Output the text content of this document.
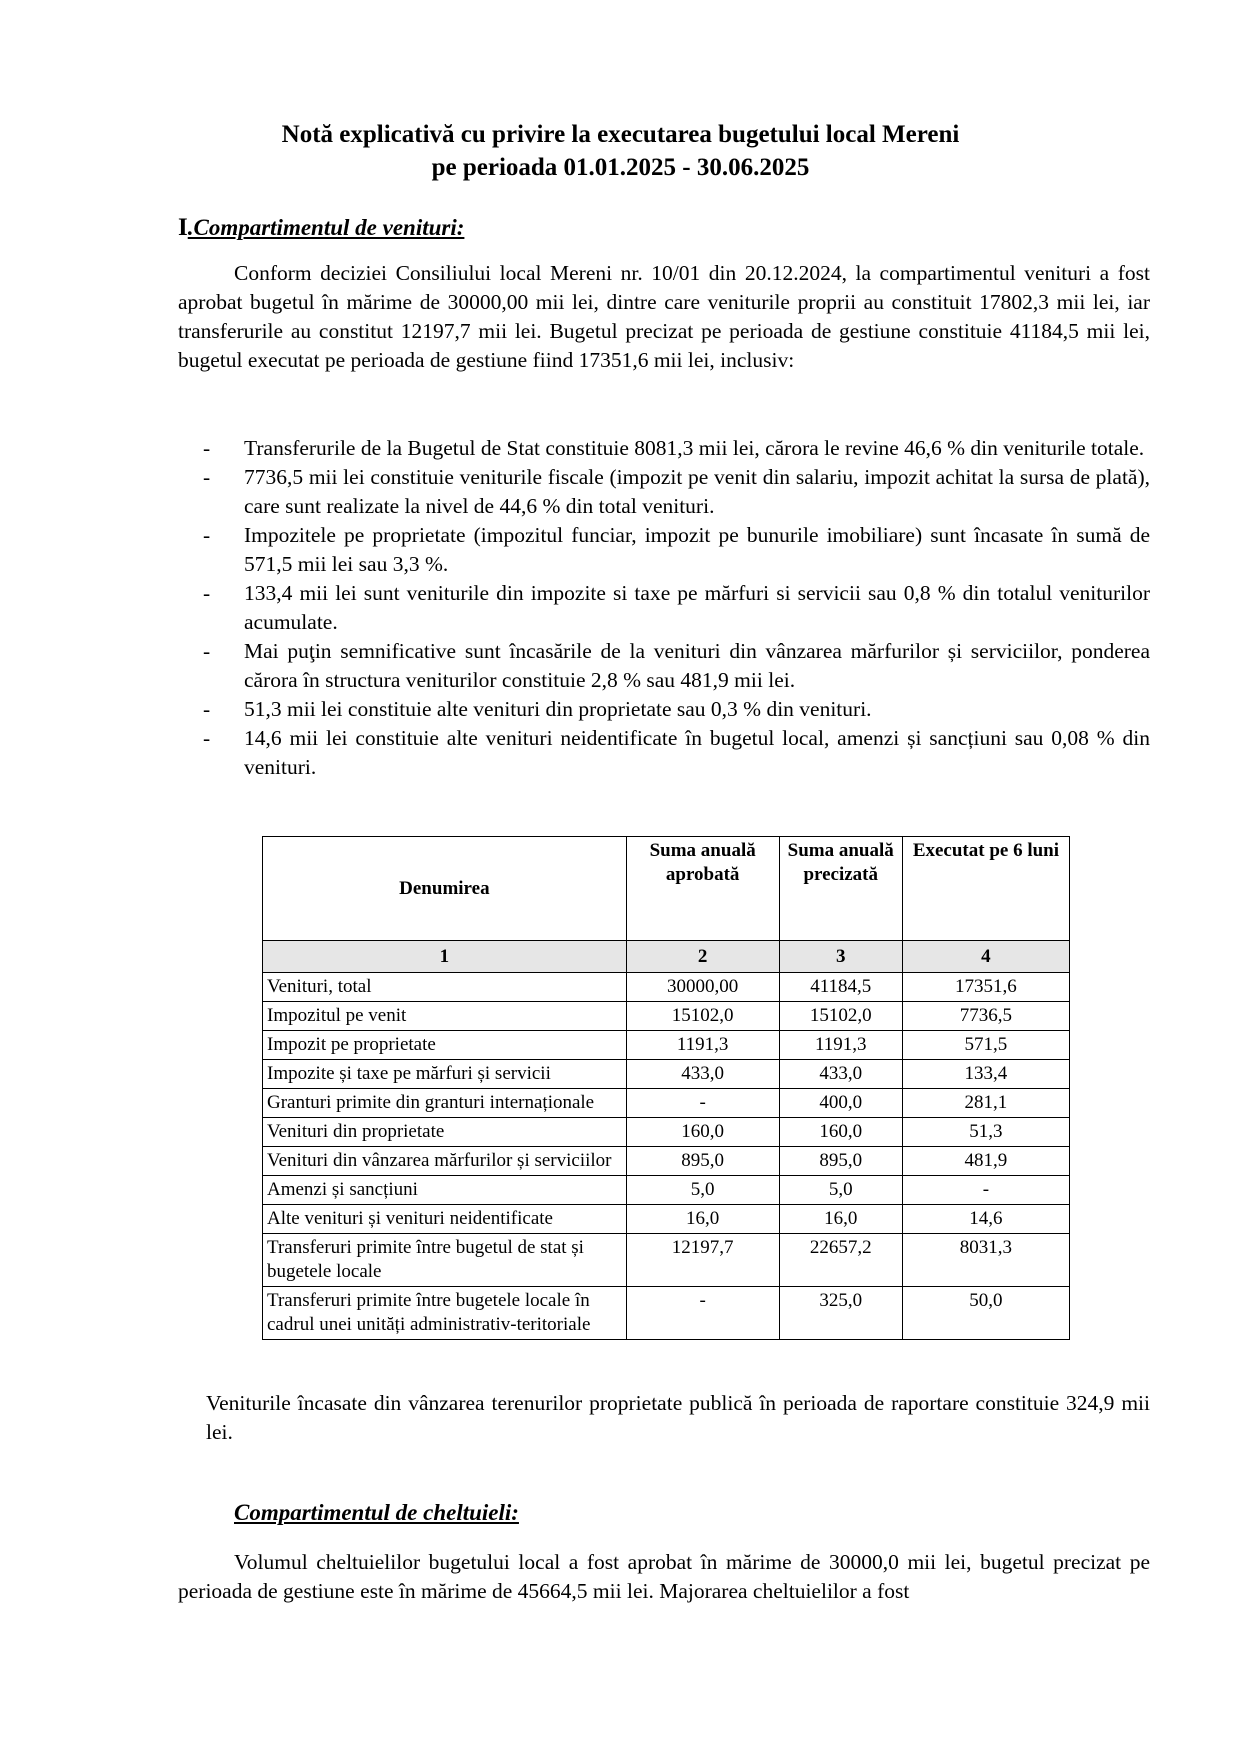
Notă explicativă cu privire la executarea bugetului local Mereni
pe perioada 01.01.2025 - 30.06.2025
I.Compartimentul de venituri:
Conform deciziei Consiliului local Mereni nr. 10/01 din 20.12.2024, la compartimentul veniturі a fost aprobat bugetul în mărime de 30000,00 mii lei, dintre care veniturile proprii au constituit 17802,3 mii lei, iar transferurile au constitut 12197,7 mii lei. Bugetul precizat pe perioada de gestiune constituie 41184,5 mii lei, bugetul executat pe perioada de gestiune fiind 17351,6 mii lei, inclusiv:
- Transferurile de la Bugetul de Stat constituie 8081,3 mii lei, cărora le revine 46,6 % din veniturile totale.
- 7736,5 mii lei constituie veniturile fiscale (impozit pe venit din salariu, impozit achitat la sursa de plată), care sunt realizate la nivel de 44,6 % din total venituri.
- Impozitele pe proprietate (impozitul funciar, impozit pe bunurile imobiliare) sunt încasate în sumă de 571,5 mii lei sau 3,3 %.
- 133,4 mii lei sunt veniturile din impozite si taxe pe mărfuri si servicii sau 0,8 % din totalul veniturilor acumulate.
- Mai puţin semnificative sunt încasările de la venituri din vânzarea mărfurilor și serviciilor, ponderea cărora în structura veniturilor constituie 2,8 % sau 481,9 mii lei.
- 51,3 mii lei constituie alte venituri din proprietate sau 0,3 % din venituri.
- 14,6 mii lei constituie alte venituri neidentificate în bugetul local, amenzi și sancțiuni sau 0,08 % din venituri.
Denumirea	Suma anuală aprobată	Suma anuală precizată	Executat pe 6 luni
1	2	3	4
Venituri, total	30000,00	41184,5	17351,6
Impozitul pe venit	15102,0	15102,0	7736,5
Impozit pe proprietate	1191,3	1191,3	571,5
Impozite și taxe pe mărfuri și servicii	433,0	433,0	133,4
Granturi primite din granturi internaționale	-	400,0	281,1
Venituri din proprietate	160,0	160,0	51,3
Venituri din vânzarea mărfurilor și serviciilor	895,0	895,0	481,9
Amenzi și sancțiuni	5,0	5,0	-
Alte venituri și venituri neidentificate	16,0	16,0	14,6
Transferuri primite între bugetul de stat și bugetele locale	12197,7	22657,2	8031,3
Transferuri primite între bugetele locale în cadrul unei unități administrativ-teritoriale	-	325,0	50,0
Veniturile încasate din vânzarea terenurilor proprietate publică în perioada de raportare constituie 324,9 mii lei.
Compartimentul de cheltuieli:
Volumul cheltuielilor bugetului local a fost aprobat în mărime de 30000,0 mii lei, bugetul precizat pe perioada de gestiune este în mărime de 45664,5 mii lei. Majorarea cheltuielilor a fost
